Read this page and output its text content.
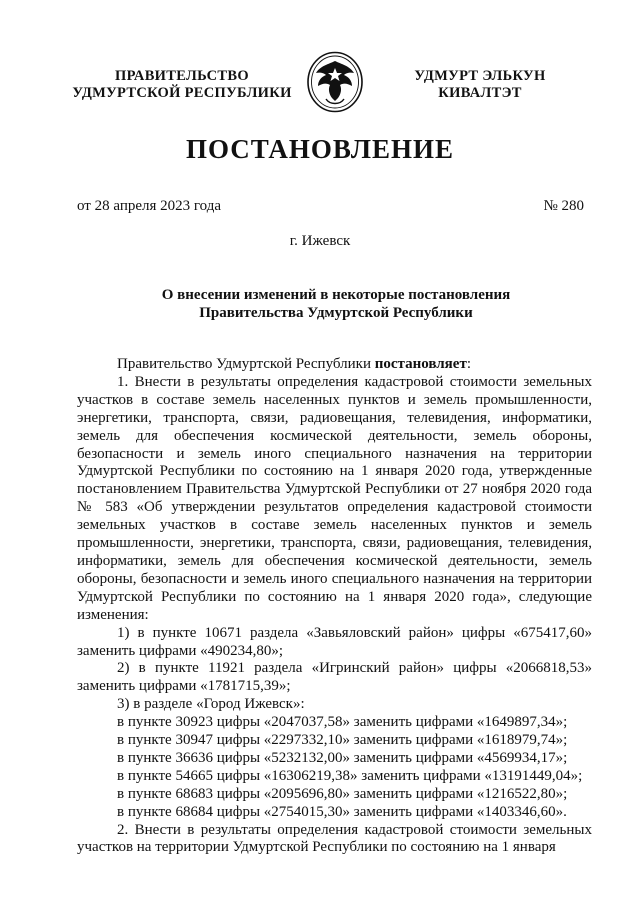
ПРАВИТЕЛЬСТВО
УДМУРТСКОЙ РЕСПУБЛИКИ
УДМУРТ ЭЛЬКУН
КИВАЛТЭТ
ПОСТАНОВЛЕНИЕ
от 28 апреля 2023 года	№ 280
г. Ижевск
О внесении изменений в некоторые постановления
Правительства Удмуртской Республики

Правительство Удмуртской Республики постановляет:

1. Внести в результаты определения кадастровой стоимости земельных участков в составе земель населенных пунктов и земель промышленности, энергетики, транспорта, связи, радиовещания, телевидения, информатики, земель для обеспечения космической деятельности, земель обороны, безопасности и земель иного специального назначения на территории Удмуртской Республики по состоянию на 1 января 2020 года, утвержденные постановлением Правительства Удмуртской Республики от 27 ноября 2020 года № 583 «Об утверждении результатов определения кадастровой стоимости земельных участков в составе земель населенных пунктов и земель промышленности, энергетики, транспорта, связи, радиовещания, телевидения, информатики, земель для обеспечения космической деятельности, земель обороны, безопасности и земель иного специального назначения на территории Удмуртской Республики по состоянию на 1 января 2020 года», следующие изменения:

1) в пункте 10671 раздела «Завьяловский район» цифры «675417,60» заменить цифрами «490234,80»;

2) в пункте 11921 раздела «Игринский район» цифры «2066818,53» заменить цифрами «1781715,39»;

3) в разделе «Город Ижевск»:

в пункте 30923 цифры «2047037,58» заменить цифрами «1649897,34»;
в пункте 30947 цифры «2297332,10» заменить цифрами «1618979,74»;
в пункте 36636 цифры «5232132,00» заменить цифрами «4569934,17»;
в пункте 54665 цифры «16306219,38» заменить цифрами «13191449,04»;
в пункте 68683 цифры «2095696,80» заменить цифрами «1216522,80»;
в пункте 68684 цифры «2754015,30» заменить цифрами «1403346,60».

2. Внести в результаты определения кадастровой стоимости земельных участков на территории Удмуртской Республики по состоянию на 1 января
